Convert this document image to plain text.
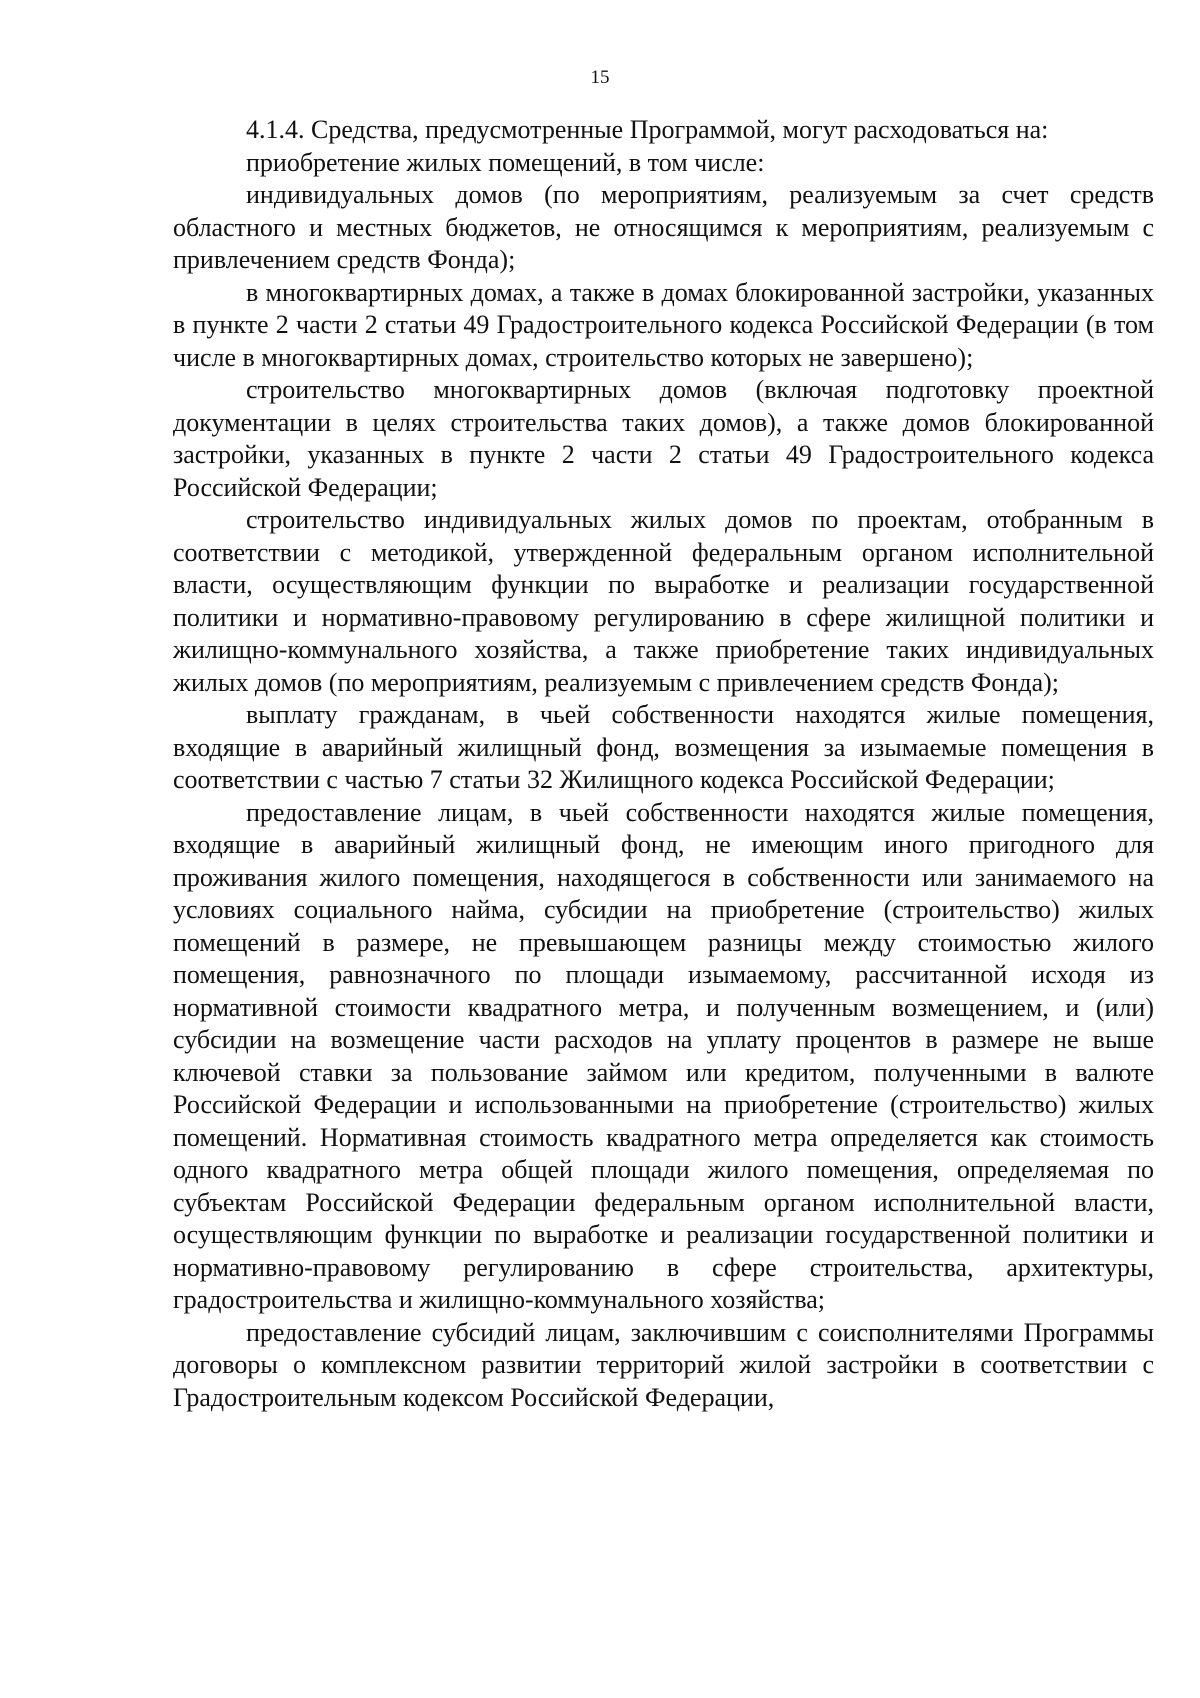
15

4.1.4. Средства, предусмотренные Программой, могут расходоваться на:

приобретение жилых помещений, в том числе:

индивидуальных домов (по мероприятиям, реализуемым за счет средств областного и местных бюджетов, не относящимся к мероприятиям, реализуемым с привлечением средств Фонда);

в многоквартирных домах, а также в домах блокированной застройки, указанных в пункте 2 части 2 статьи 49 Градостроительного кодекса Российской Федерации (в том числе в многоквартирных домах, строительство которых не завершено);

строительство многоквартирных домов (включая подготовку проектной документации в целях строительства таких домов), а также домов блокированной застройки, указанных в пункте 2 части 2 статьи 49 Градостроительного кодекса Российской Федерации;

строительство индивидуальных жилых домов по проектам, отобранным в соответствии с методикой, утвержденной федеральным органом исполнительной власти, осуществляющим функции по выработке и реализации государственной политики и нормативно-правовому регулированию в сфере жилищной политики и жилищно-коммунального хозяйства, а также приобретение таких индивидуальных жилых домов (по мероприятиям, реализуемым с привлечением средств Фонда);

выплату гражданам, в чьей собственности находятся жилые помещения, входящие в аварийный жилищный фонд, возмещения за изымаемые помещения в соответствии с частью 7 статьи 32 Жилищного кодекса Российской Федерации;

предоставление лицам, в чьей собственности находятся жилые помещения, входящие в аварийный жилищный фонд, не имеющим иного пригодного для проживания жилого помещения, находящегося в собственности или занимаемого на условиях социального найма, субсидии на приобретение (строительство) жилых помещений в размере, не превышающем разницы между стоимостью жилого помещения, равнозначного по площади изымаемому, рассчитанной исходя из нормативной стоимости квадратного метра, и полученным возмещением, и (или) субсидии на возмещение части расходов на уплату процентов в размере не выше ключевой ставки за пользование займом или кредитом, полученными в валюте Российской Федерации и использованными на приобретение (строительство) жилых помещений. Нормативная стоимость квадратного метра определяется как стоимость одного квадратного метра общей площади жилого помещения, определяемая по субъектам Российской Федерации федеральным органом исполнительной власти, осуществляющим функции по выработке и реализации государственной политики и нормативно-правовому регулированию в сфере строительства, архитектуры, градостроительства и жилищно-коммунального хозяйства;

предоставление субсидий лицам, заключившим с соисполнителями Программы договоры о комплексном развитии территорий жилой застройки в соответствии с Градостроительным кодексом Российской Федерации,
